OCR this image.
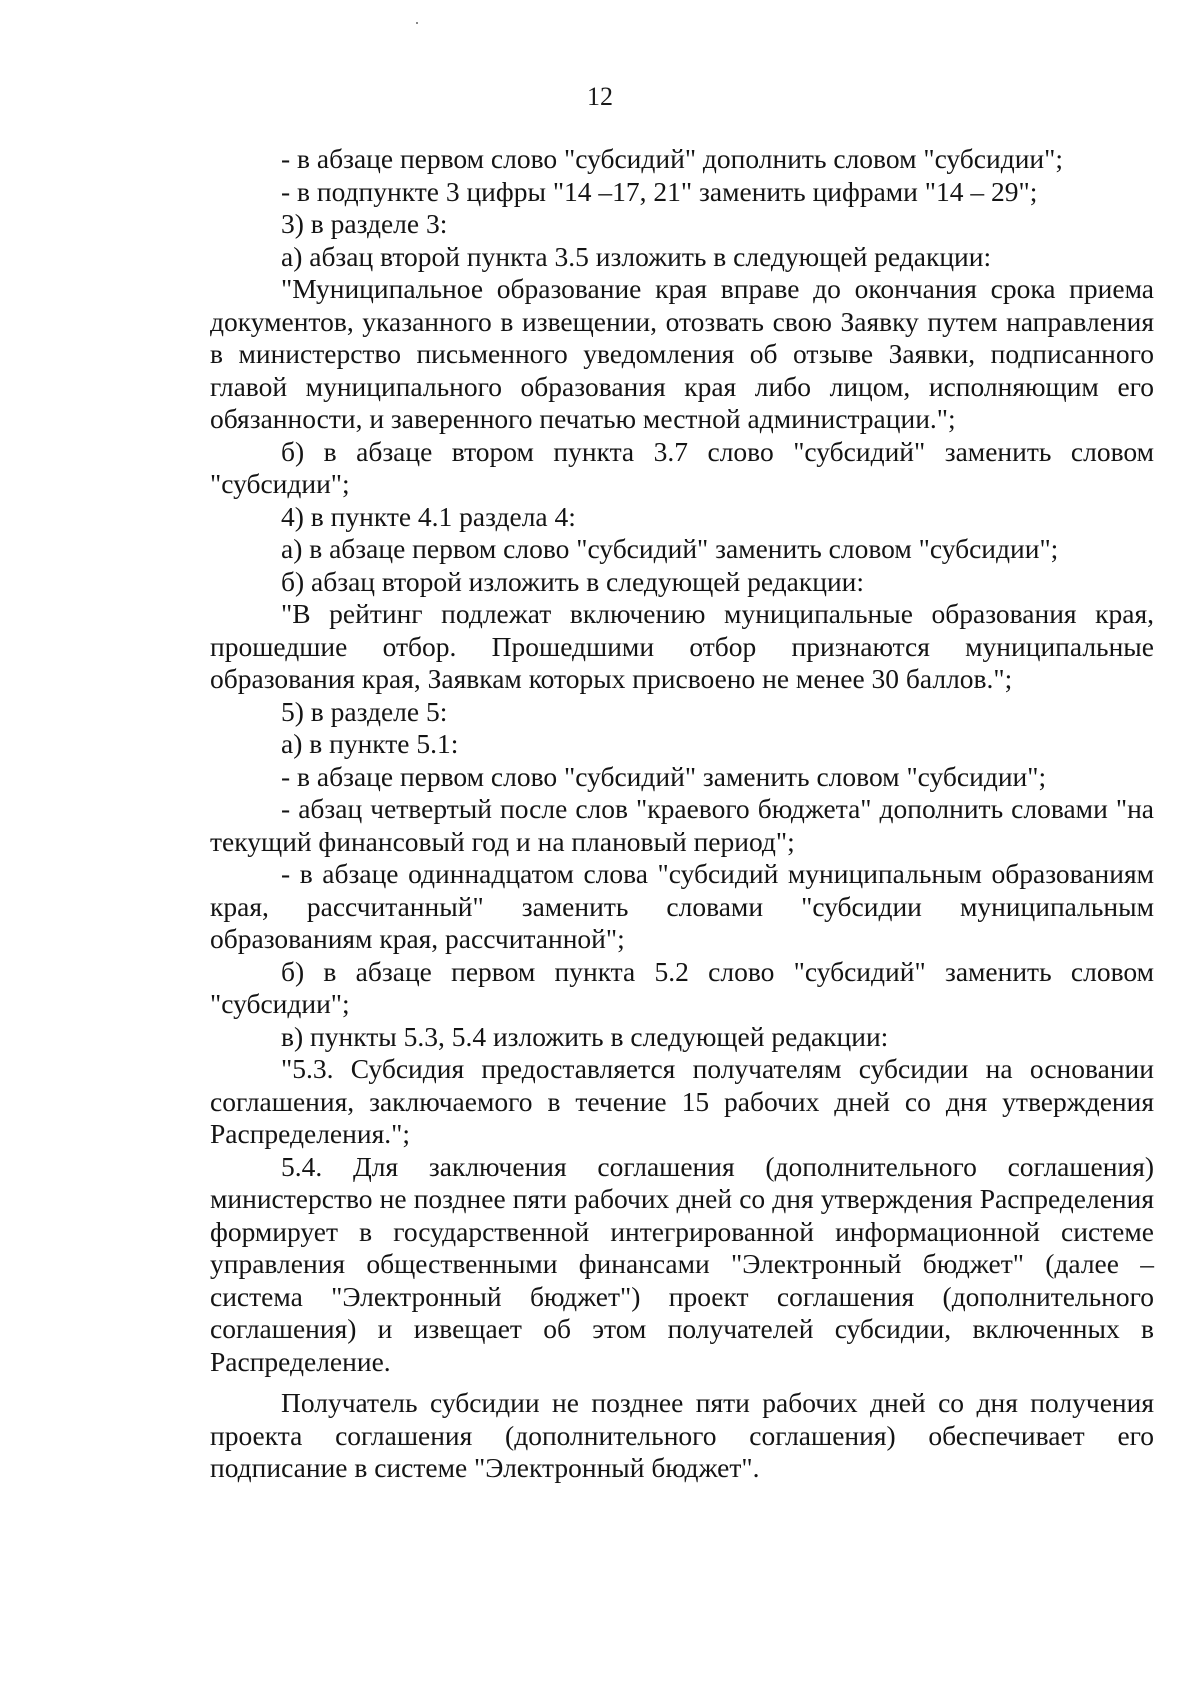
12

- в абзаце первом слово "субсидий" дополнить словом "субсидии";

- в подпункте 3 цифры "14 –17, 21" заменить цифрами "14 – 29";

3) в разделе 3:

а) абзац второй пункта 3.5 изложить в следующей редакции:

"Муниципальное образование края вправе до окончания срока приема документов, указанного в извещении, отозвать свою Заявку путем направления в министерство письменного уведомления об отзыве Заявки, подписанного главой муниципального образования края либо лицом, исполняющим его обязанности, и заверенного печатью местной администрации.";

б) в абзаце втором пункта 3.7 слово "субсидий" заменить словом "субсидии";

4) в пункте 4.1 раздела 4:

а) в абзаце первом слово "субсидий" заменить словом "субсидии";

б) абзац второй изложить в следующей редакции:

"В рейтинг подлежат включению муниципальные образования края, прошедшие отбор. Прошедшими отбор признаются муниципальные образования края, Заявкам которых присвоено не менее 30 баллов.";

5) в разделе 5:

а) в пункте 5.1:

- в абзаце первом слово "субсидий" заменить словом "субсидии";

- абзац четвертый после слов "краевого бюджета" дополнить словами "на текущий финансовый год и на плановый период";

- в абзаце одиннадцатом слова "субсидий муниципальным образованиям края, рассчитанный" заменить словами "субсидии муниципальным образованиям края, рассчитанной";

б) в абзаце первом пункта 5.2 слово "субсидий" заменить словом "субсидии";

в) пункты 5.3, 5.4 изложить в следующей редакции:

"5.3. Субсидия предоставляется получателям субсидии на основании соглашения, заключаемого в течение 15 рабочих дней со дня утверждения Распределения.";

5.4. Для заключения соглашения (дополнительного соглашения) министерство не позднее пяти рабочих дней со дня утверждения Распределения формирует в государственной интегрированной информационной системе управления общественными финансами "Электронный бюджет" (далее – система "Электронный бюджет") проект соглашения (дополнительного соглашения) и извещает об этом получателей субсидии, включенных в Распределение.

Получатель субсидии не позднее пяти рабочих дней со дня получения проекта соглашения (дополнительного соглашения) обеспечивает его подписание в системе "Электронный бюджет".
